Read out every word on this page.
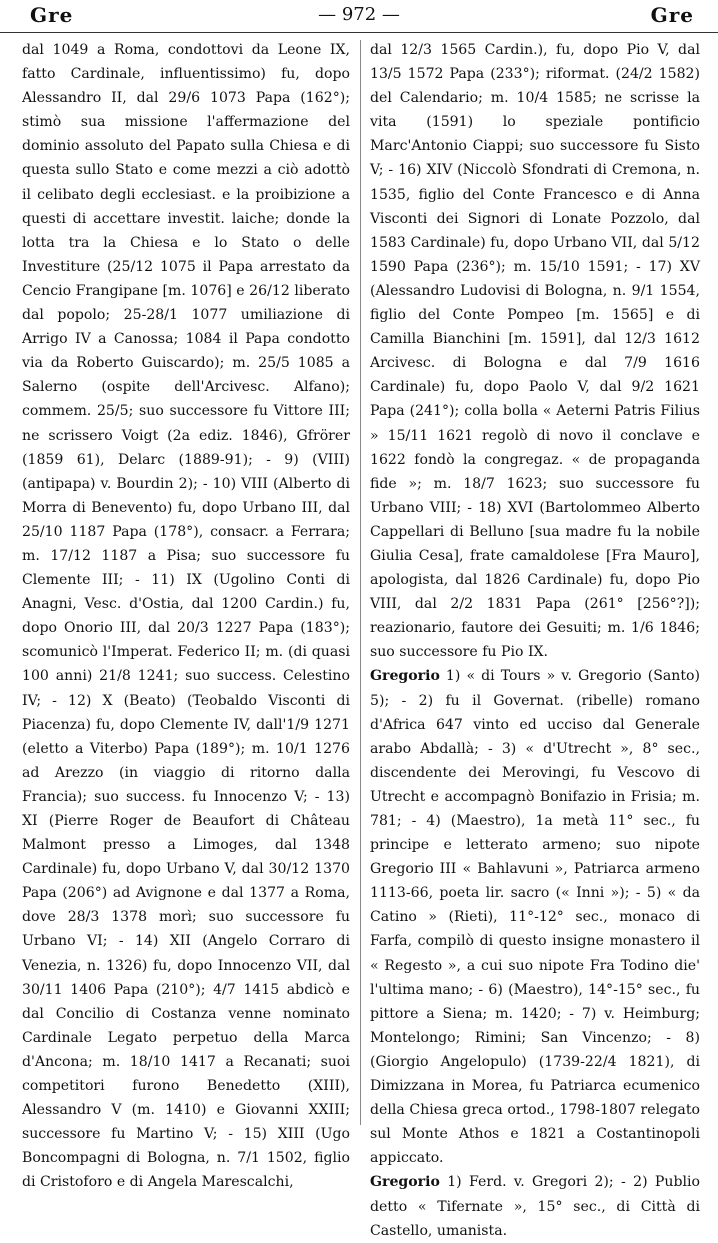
Gre	— 972 —	Gre

dal 1049 a Roma, condottovi da Leone IX, fatto Cardinale, influentissimo) fu, dopo Alessandro II, dal 29/6 1073 Papa (162°); stimò sua missione l'affermazione del dominio assoluto del Papato sulla Chiesa e di questa sullo Stato e come mezzi a ciò adottò il celibato degli ecclesiast. e la proibizione a questi di accettare investit. laiche; donde la lotta tra la Chiesa e lo Stato o delle Investiture (25/12 1075 il Papa arrestato da Cencio Frangipane [m. 1076] e 26/12 liberato dal popolo; 25-28/1 1077 umiliazione di Arrigo IV a Canossa; 1084 il Papa condotto via da Roberto Guiscardo); m. 25/5 1085 a Salerno (ospite dell'Arcivesc. Alfano); commem. 25/5; suo successore fu Vittore III; ne scrissero Voigt (2a ediz. 1846), Gfrörer (1859 61), Delarc (1889-91); - 9) (VIII) (antipapa) v. Bourdin 2); - 10) VIII (Alberto di Morra di Benevento) fu, dopo Urbano III, dal 25/10 1187 Papa (178°), consacr. a Ferrara; m. 17/12 1187 a Pisa; suo successore fu Clemente III; - 11) IX (Ugolino Conti di Anagni, Vesc. d'Ostia, dal 1200 Cardin.) fu, dopo Onorio III, dal 20/3 1227 Papa (183°); scomunicò l'Imperat. Federico II; m. (di quasi 100 anni) 21/8 1241; suo success. Celestino IV; - 12) X (Beato) (Teobaldo Visconti di Piacenza) fu, dopo Clemente IV, dall'1/9 1271 (eletto a Viterbo) Papa (189°); m. 10/1 1276 ad Arezzo (in viaggio di ritorno dalla Francia); suo success. fu Innocenzo V; - 13) XI (Pierre Roger de Beaufort di Château Malmont presso a Limoges, dal 1348 Cardinale) fu, dopo Urbano V, dal 30/12 1370 Papa (206°) ad Avignone e dal 1377 a Roma, dove 28/3 1378 morì; suo successore fu Urbano VI; - 14) XII (Angelo Corraro di Venezia, n. 1326) fu, dopo Innocenzo VII, dal 30/11 1406 Papa (210°); 4/7 1415 abdicò e dal Concilio di Costanza venne nominato Cardinale Legato perpetuo della Marca d'Ancona; m. 18/10 1417 a Recanati; suoi competitori furono Benedetto (XIII), Alessandro V (m. 1410) e Giovanni XXIII; successore fu Martino V; - 15) XIII (Ugo Boncompagni di Bologna, n. 7/1 1502, figlio di Cristoforo e di Angela Marescalchi,

dal 12/3 1565 Cardin.), fu, dopo Pio V, dal 13/5 1572 Papa (233°); riformat. (24/2 1582) del Calendario; m. 10/4 1585; ne scrisse la vita (1591) lo speziale pontificio Marc'Antonio Ciappi; suo successore fu Sisto V; - 16) XIV (Niccolò Sfondrati di Cremona, n. 1535, figlio del Conte Francesco e di Anna Visconti dei Signori di Lonate Pozzolo, dal 1583 Cardinale) fu, dopo Urbano VII, dal 5/12 1590 Papa (236°); m. 15/10 1591; - 17) XV (Alessandro Ludovisi di Bologna, n. 9/1 1554, figlio del Conte Pompeo [m. 1565] e di Camilla Bianchini [m. 1591], dal 12/3 1612 Arcivesc. di Bologna e dal 7/9 1616 Cardinale) fu, dopo Paolo V, dal 9/2 1621 Papa (241°); colla bolla « Aeterni Patris Filius » 15/11 1621 regolò di novo il conclave e 1622 fondò la congregaz. « de propaganda fide »; m. 18/7 1623; suo successore fu Urbano VIII; - 18) XVI (Bartolommeo Alberto Cappellari di Belluno [sua madre fu la nobile Giulia Cesa], frate camaldolese [Fra Mauro], apologista, dal 1826 Cardinale) fu, dopo Pio VIII, dal 2/2 1831 Papa (261° [256°?]); reazionario, fautore dei Gesuiti; m. 1/6 1846; suo successore fu Pio IX.

Gregorio 1) « di Tours » v. Gregorio (Santo) 5); - 2) fu il Governat. (ribelle) romano d'Africa 647 vinto ed ucciso dal Generale arabo Abdallà; - 3) « d'Utrecht », 8° sec., discendente dei Merovingi, fu Vescovo di Utrecht e accompagnò Bonifazio in Frisia; m. 781; - 4) (Maestro), 1a metà 11° sec., fu principe e letterato armeno; suo nipote Gregorio III « Bahlavuni », Patriarca armeno 1113-66, poeta lir. sacro (« Inni »); - 5) « da Catino » (Rieti), 11°-12° sec., monaco di Farfa, compilò di questo insigne monastero il « Regesto », a cui suo nipote Fra Todino die' l'ultima mano; - 6) (Maestro), 14°-15° sec., fu pittore a Siena; m. 1420; - 7) v. Heimburg; Montelongo; Rimini; San Vincenzo; - 8) (Giorgio Angelopulo) (1739-22/4 1821), di Dimizzana in Morea, fu Patriarca ecumenico della Chiesa greca ortod., 1798-1807 relegato sul Monte Athos e 1821 a Costantinopoli appiccato.

Gregorio 1) Ferd. v. Gregori 2); - 2) Publio detto « Tifernate », 15° sec., di Città di Castello, umanista.
